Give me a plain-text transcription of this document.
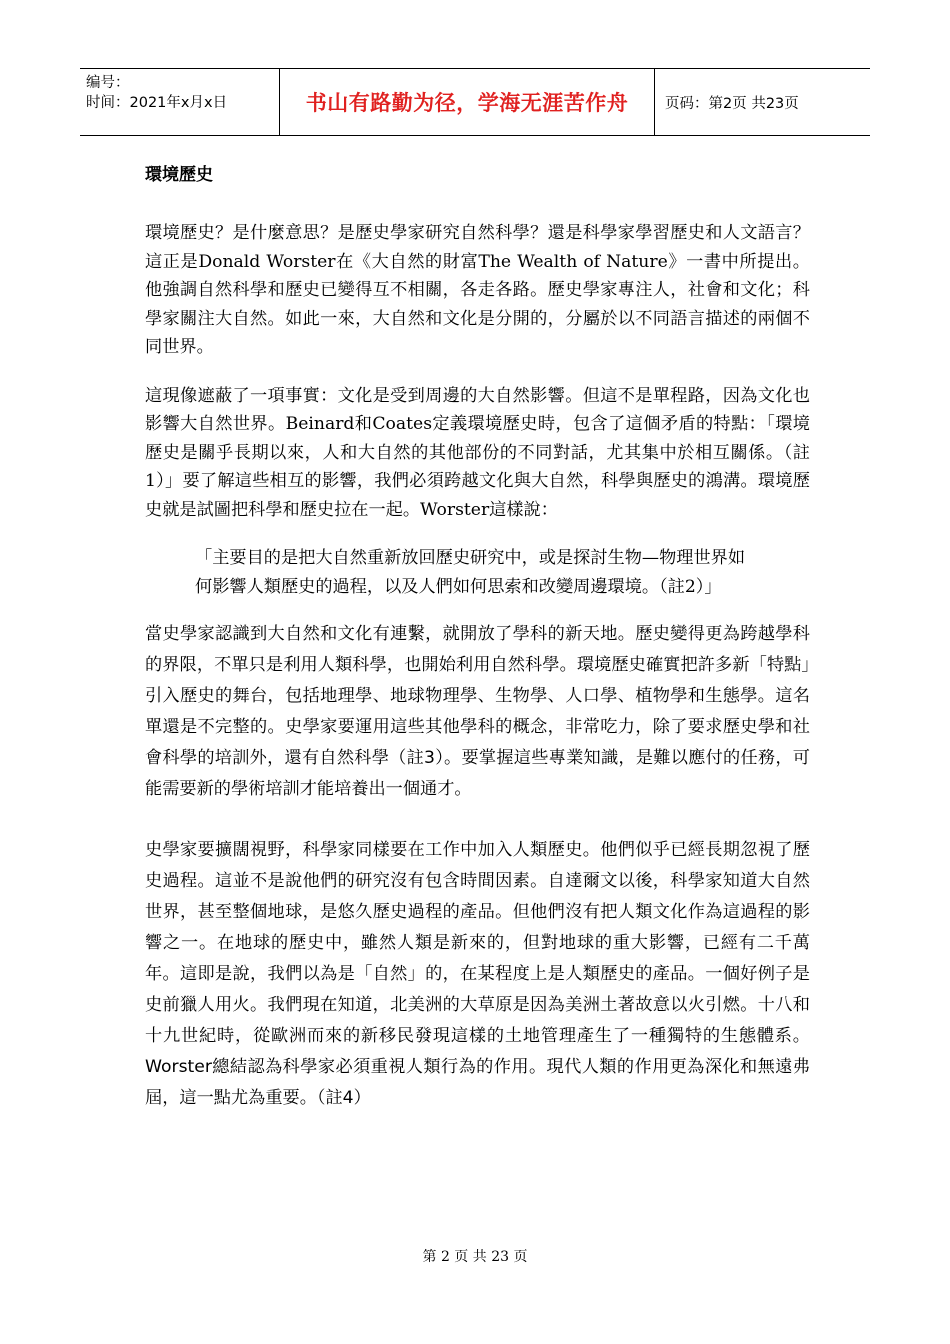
编号：
时间：2021年x月x日	书山有路勤为径，学海无涯苦作舟	页码：第2页 共23页
環境歷史

環境歷史？是什麼意思？是歷史學家研究自然科學？還是科學家學習歷史和人文語言？這正是Donald Worster在《大自然的財富The Wealth of Nature》一書中所提出。他強調自然科學和歷史已變得互不相關，各走各路。歷史學家專注人，社會和文化；科學家關注大自然。如此一來，大自然和文化是分開的，分屬於以不同語言描述的兩個不同世界。

這現像遮蔽了一項事實：文化是受到周邊的大自然影響。但這不是單程路，因為文化也影響大自然世界。Beinard和Coates定義環境歷史時，包含了這個矛盾的特點：「環境歷史是關乎長期以來，人和大自然的其他部份的不同對話，尤其集中於相互關係。（註1）」要了解這些相互的影響，我們必須跨越文化與大自然，科學與歷史的鴻溝。環境歷史就是試圖把科學和歷史拉在一起。Worster這樣說：

「主要目的是把大自然重新放回歷史研究中，或是探討生物—物理世界如何影響人類歷史的過程，以及人們如何思索和改變周邊環境。（註2）」

當史學家認識到大自然和文化有連繫，就開放了學科的新天地。歷史變得更為跨越學科的界限，不單只是利用人類科學，也開始利用自然科學。環境歷史確實把許多新「特點」引入歷史的舞台，包括地理學、地球物理學、生物學、人口學、植物學和生態學。這名單還是不完整的。史學家要運用這些其他學科的概念，非常吃力，除了要求歷史學和社會科學的培訓外，還有自然科學（註3）。要掌握這些專業知識，是難以應付的任務，可能需要新的學術培訓才能培養出一個通才。

史學家要擴闊視野，科學家同樣要在工作中加入人類歷史。他們似乎已經長期忽視了歷史過程。這並不是說他們的研究沒有包含時間因素。自達爾文以後，科學家知道大自然世界，甚至整個地球，是悠久歷史過程的產品。但他們沒有把人類文化作為這過程的影響之一。在地球的歷史中，雖然人類是新來的，但對地球的重大影響，已經有二千萬年。這即是說，我們以為是「自然」的，在某程度上是人類歷史的產品。一個好例子是史前獵人用火。我們現在知道，北美洲的大草原是因為美洲土著故意以火引燃。十八和十九世紀時，從歐洲而來的新移民發現這樣的土地管理產生了一種獨特的生態體系。Worster總結認為科學家必須重視人類行為的作用。現代人類的作用更為深化和無遠弗屆，這一點尤為重要。（註4）

第 2 页 共 23 页
